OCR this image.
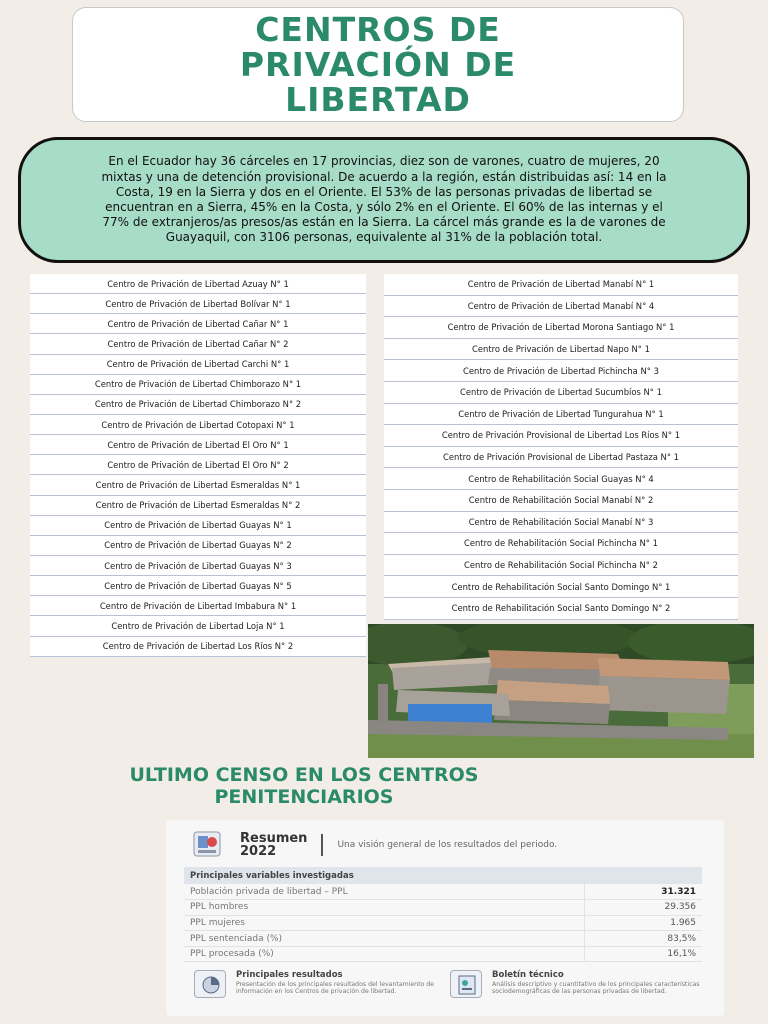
CENTROS DE
PRIVACIÓN DE
LIBERTAD

En el Ecuador hay 36 cárceles en 17 provincias, diez son de varones, cuatro de mujeres, 20 mixtas y una de detención provisional. De acuerdo a la región, están distribuidas así: 14 en la Costa, 19 en la Sierra y dos en el Oriente. El 53% de las personas privadas de libertad se encuentran en a Sierra, 45% en la Costa, y sólo 2% en el Oriente. El 60% de las internas y el 77% de extranjeros/as presos/as están en la Sierra. La cárcel más grande es la de varones de Guayaquil, con 3106 personas, equivalente al 31% de la población total.

Centro de Privación de Libertad Azuay N° 1
Centro de Privación de Libertad Bolívar N° 1
Centro de Privación de Libertad Cañar N° 1
Centro de Privación de Libertad Cañar N° 2
Centro de Privación de Libertad Carchi N° 1
Centro de Privación de Libertad Chimborazo N° 1
Centro de Privación de Libertad Chimborazo N° 2
Centro de Privación de Libertad Cotopaxi N° 1
Centro de Privación de Libertad El Oro N° 1
Centro de Privación de Libertad El Oro N° 2
Centro de Privación de Libertad Esmeraldas N° 1
Centro de Privación de Libertad Esmeraldas N° 2
Centro de Privación de Libertad Guayas N° 1
Centro de Privación de Libertad Guayas N° 2
Centro de Privación de Libertad Guayas N° 3
Centro de Privación de Libertad Guayas N° 5
Centro de Privación de Libertad Imbabura N° 1
Centro de Privación de Libertad Loja N° 1
Centro de Privación de Libertad Los Ríos N° 2
Centro de Privación de Libertad Manabí N° 1
Centro de Privación de Libertad Manabí N° 4
Centro de Privación de Libertad Morona Santiago N° 1
Centro de Privación de Libertad Napo N° 1
Centro de Privación de Libertad Pichincha N° 3
Centro de Privación de Libertad Sucumbíos N° 1
Centro de Privación de Libertad Tungurahua N° 1
Centro de Privación Provisional de Libertad Los Ríos N° 1
Centro de Privación Provisional de Libertad Pastaza N° 1
Centro de Rehabilitación Social Guayas N° 4
Centro de Rehabilitación Social Manabí N° 2
Centro de Rehabilitación Social Manabí N° 3
Centro de Rehabilitación Social Pichincha N° 1
Centro de Rehabilitación Social Pichincha N° 2
Centro de Rehabilitación Social Santo Domingo N° 1
Centro de Rehabilitación Social Santo Domingo N° 2
ULTIMO CENSO EN LOS CENTROS
PENITENCIARIOS
Resumen
2022	Una visión general de los resultados del periodo.
Principales variables investigadas	
Población privada de libertad – PPL	31.321
PPL hombres	29.356
PPL mujeres	1.965
PPL sentenciada (%)	83,5%
PPL procesada (%)	16,1%
Principales resultados
Presentación de los principales resultados del levantamiento de información en los Centros de privación de libertad.
Boletín técnico
Análisis descriptivo y cuantitativo de los principales características sociodemográficas de las personas privadas de libertad.
